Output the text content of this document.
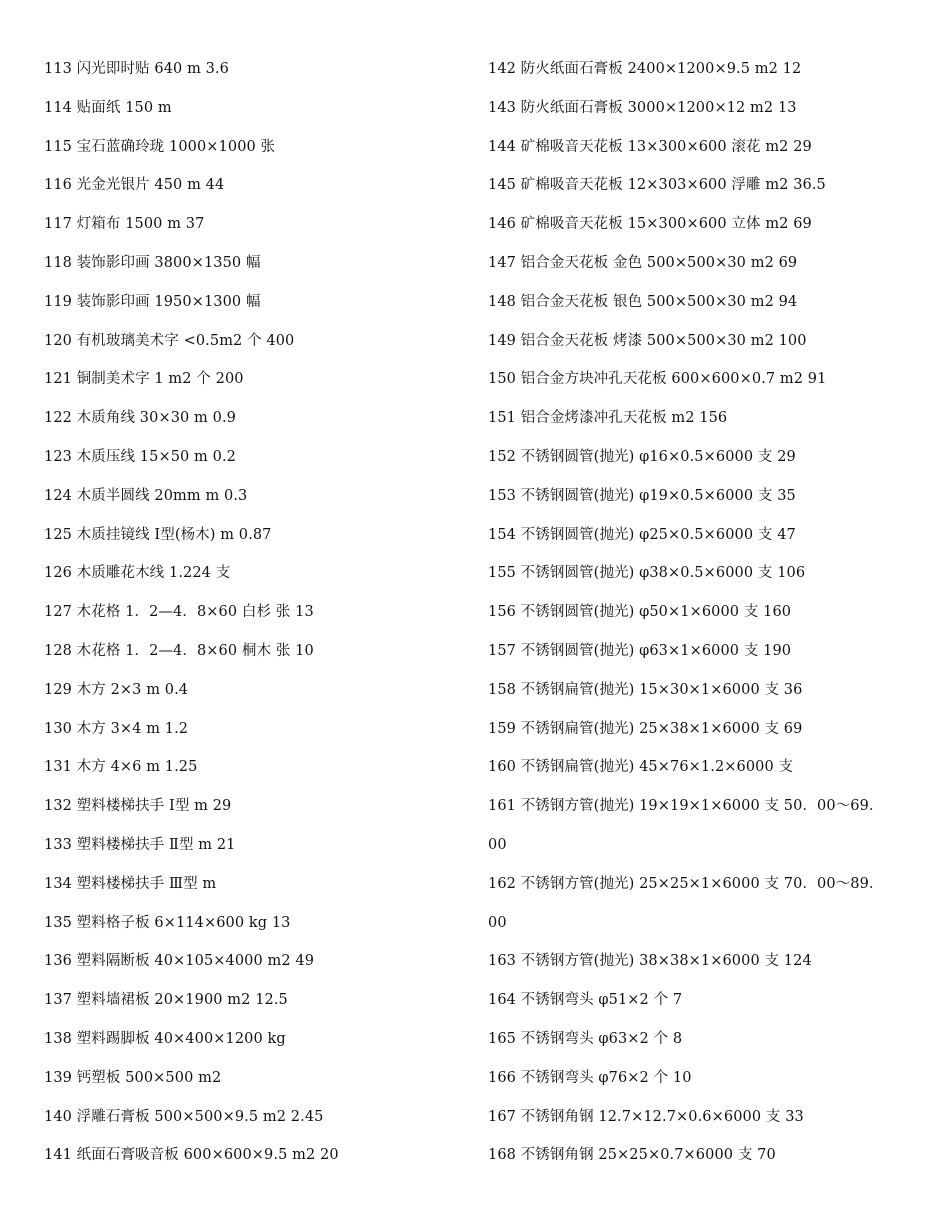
113 闪光即时贴 640 m 3.6
114 贴面纸 150 m
115 宝石蓝确玲珑 1000×1000 张
116 光金光银片 450 m 44
117 灯箱布 1500 m 37
118 装饰影印画 3800×1350 幅
119 装饰影印画 1950×1300 幅
120 有机玻璃美术字 <0.5m2 个 400
121 铜制美术字 1 m2 个 200
122 木质角线 30×30 m 0.9
123 木质压线 15×50 m 0.2
124 木质半圆线 20mm m 0.3
125 木质挂镜线 Ⅰ型(杨木) m 0.87
126 木质雕花木线 1.224 支
127 木花格 1．2—4．8×60 白杉 张 13
128 木花格 1．2—4．8×60 桐木 张 10
129 木方 2×3 m 0.4
130 木方 3×4 m 1.2
131 木方 4×6 m 1.25
132 塑料楼梯扶手 Ⅰ型 m 29
133 塑料楼梯扶手 Ⅱ型 m 21
134 塑料楼梯扶手 Ⅲ型 m
135 塑料格子板 6×114×600 kg 13
136 塑料隔断板 40×105×4000 m2 49
137 塑料墙裙板 20×1900 m2 12.5
138 塑料踢脚板 40×400×1200 kg
139 钙塑板 500×500 m2
140 浮雕石膏板 500×500×9.5 m2 2.45
141 纸面石膏吸音板 600×600×9.5 m2 20
142 防火纸面石膏板 2400×1200×9.5 m2 12
143 防火纸面石膏板 3000×1200×12 m2 13
144 矿棉吸音天花板 13×300×600 滚花 m2 29
145 矿棉吸音天花板 12×303×600 浮雕 m2 36.5
146 矿棉吸音天花板 15×300×600 立体 m2 69
147 铝合金天花板 金色 500×500×30 m2 69
148 铝合金天花板 银色 500×500×30 m2 94
149 铝合金天花板 烤漆 500×500×30 m2 100
150 铝合金方块冲孔天花板 600×600×0.7 m2 91
151 铝合金烤漆冲孔天花板 m2 156
152 不锈钢圆管(抛光) φ16×0.5×6000 支 29
153 不锈钢圆管(抛光) φ19×0.5×6000 支 35
154 不锈钢圆管(抛光) φ25×0.5×6000 支 47
155 不锈钢圆管(抛光) φ38×0.5×6000 支 106
156 不锈钢圆管(抛光) φ50×1×6000 支 160
157 不锈钢圆管(抛光) φ63×1×6000 支 190
158 不锈钢扁管(抛光) 15×30×1×6000 支 36
159 不锈钢扁管(抛光) 25×38×1×6000 支 69
160 不锈钢扁管(抛光) 45×76×1.2×6000 支
161 不锈钢方管(抛光) 19×19×1×6000 支 50．00～69．
00
162 不锈钢方管(抛光) 25×25×1×6000 支 70．00～89．
00
163 不锈钢方管(抛光) 38×38×1×6000 支 124
164 不锈钢弯头 φ51×2 个 7
165 不锈钢弯头 φ63×2 个 8
166 不锈钢弯头 φ76×2 个 10
167 不锈钢角钢 12.7×12.7×0.6×6000 支 33
168 不锈钢角钢 25×25×0.7×6000 支 70
